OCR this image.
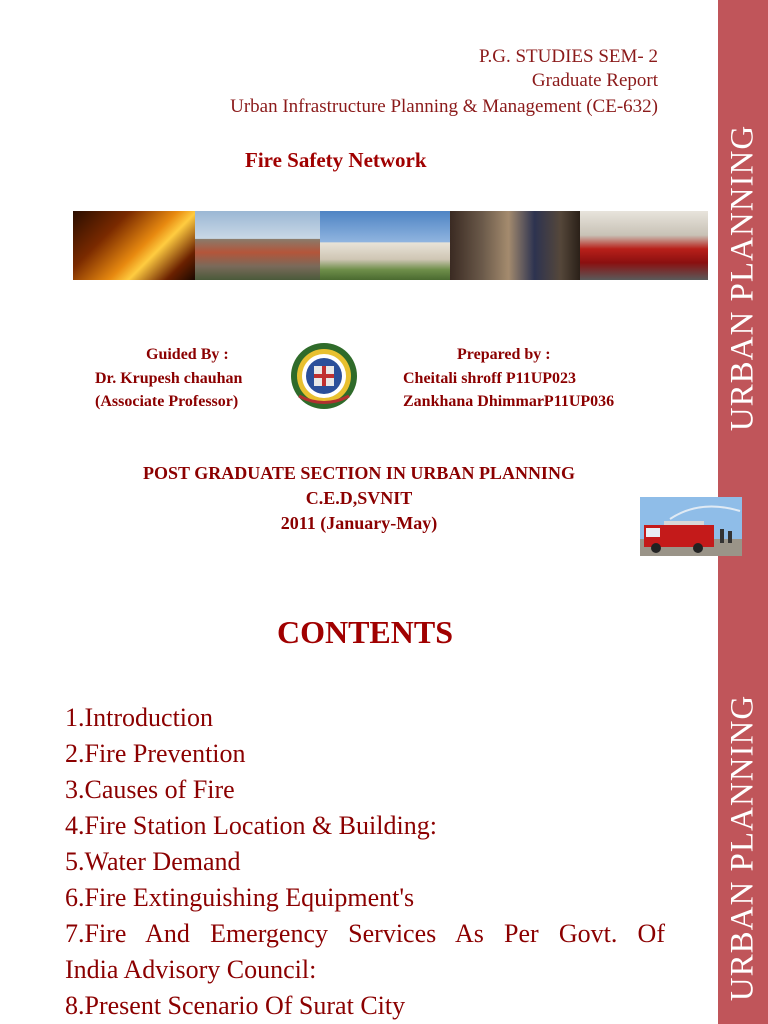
URBAN PLANNING
URBAN PLANNING
P.G. STUDIES SEM- 2
Graduate Report
Urban Infrastructure Planning & Management (CE-632)
Fire Safety Network
Guided By :
Dr. Krupesh chauhan
(Associate Professor)
Prepared by :
Cheitali shroff P11UP023
Zankhana DhimmarP11UP036
POST GRADUATE SECTION IN URBAN PLANNING
C.E.D,SVNIT
2011 (January-May)
CONTENTS
1.Introduction
2.Fire Prevention
3.Causes of Fire
4.Fire Station Location & Building:
5.Water Demand
6.Fire Extinguishing Equipment's
7.Fire And Emergency Services As Per Govt. Of
India Advisory Council:
8.Present Scenario Of Surat City
